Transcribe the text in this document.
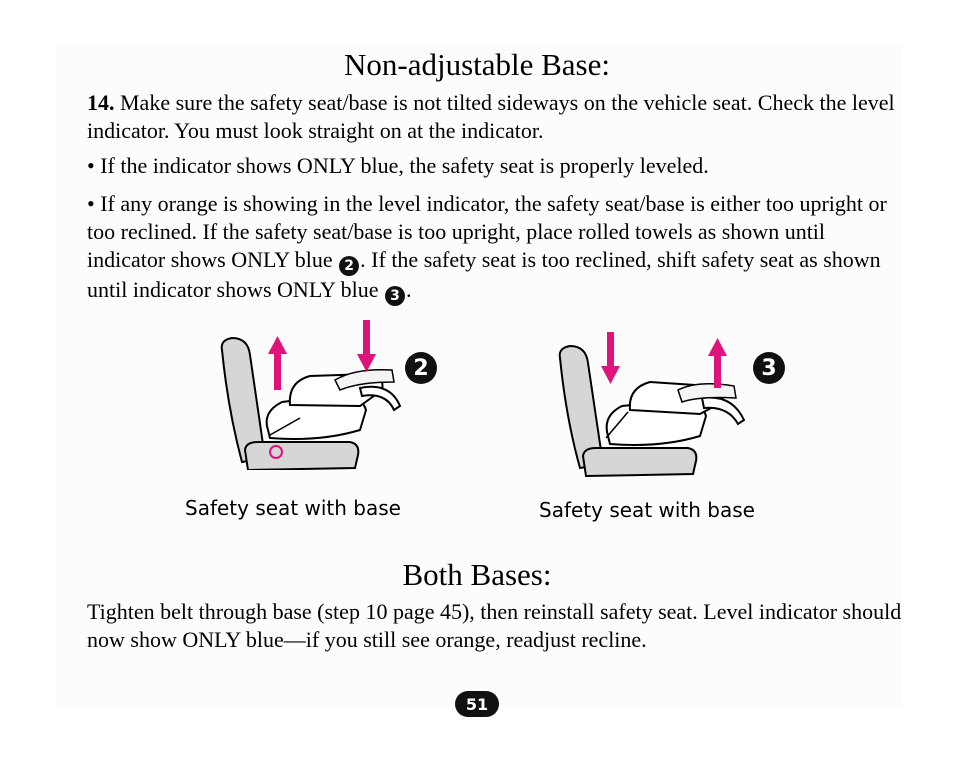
Non-adjustable Base:

14. Make sure the safety seat/base is not tilted sideways on the vehicle seat. Check the level indicator. You must look straight on at the indicator.

• If the indicator shows ONLY blue, the safety seat is properly leveled.

• If any orange is showing in the level indicator, the safety seat/base is either too upright or too reclined. If the safety seat/base is too upright, place rolled towels as shown until indicator shows ONLY blue 2 . If the safety seat is too reclined, shift safety seat as shown until indicator shows ONLY blue 3 .

2	3
Safety seat with base	Safety seat with base
Both Bases:

Tighten belt through base (step 10 page 45), then reinstall safety seat. Level indicator should now show ONLY blue—if you still see orange, readjust recline.

51
